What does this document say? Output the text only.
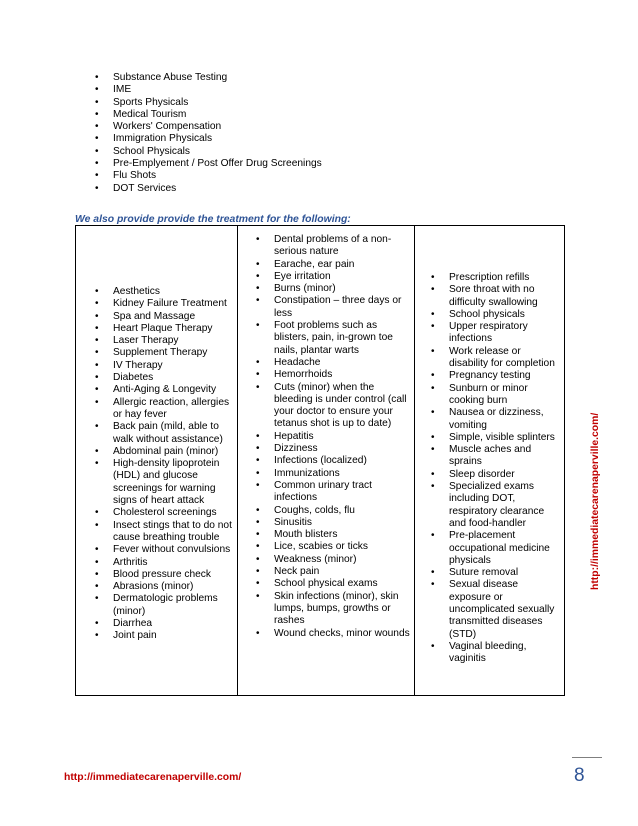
• Substance Abuse Testing
• IME
• Sports Physicals
• Medical Tourism
• Workers' Compensation
• Immigration Physicals
• School Physicals
• Pre-Emplyement / Post Offer Drug Screenings
• Flu Shots
• DOT Services
We also provide provide the treatment for the following:
• Aesthetics
• Kidney Failure Treatment
• Spa and Massage
• Heart Plaque Therapy
• Laser Therapy
• Supplement Therapy
• IV Therapy
• Diabetes
• Anti-Aging & Longevity
• Allergic reaction, allergies or hay fever
• Back pain (mild, able to walk without assistance)
• Abdominal pain (minor)
• High-density lipoprotein (HDL) and glucose screenings for warning signs of heart attack
• Cholesterol screenings
• Insect stings that to do not cause breathing trouble
• Fever without convulsions
• Arthritis
• Blood pressure check
• Abrasions (minor)
• Dermatologic problems (minor)
• Diarrhea
• Joint pain
• Dental problems of a non-serious nature
• Earache, ear pain
• Eye irritation
• Burns (minor)
• Constipation – three days or less
• Foot problems such as blisters, pain, in-grown toe nails, plantar warts
• Headache
• Hemorrhoids
• Cuts (minor) when the bleeding is under control (call your doctor to ensure your tetanus shot is up to date)
• Hepatitis
• Dizziness
• Infections (localized)
• Immunizations
• Common urinary tract infections
• Coughs, colds, flu
• Sinusitis
• Mouth blisters
• Lice, scabies or ticks
• Weakness (minor)
• Neck pain
• School physical exams
• Skin infections (minor), skin lumps, bumps, growths or rashes
• Wound checks, minor wounds
• Prescription refills
• Sore throat with no difficulty swallowing
• School physicals
• Upper respiratory infections
• Work release or disability for completion
• Pregnancy testing
• Sunburn or minor cooking burn
• Nausea or dizziness, vomiting
• Simple, visible splinters
• Muscle aches and sprains
• Sleep disorder
• Specialized exams including DOT, respiratory clearance and food-handler
• Pre-placement occupational medicine physicals
• Suture removal
• Sexual disease exposure or uncomplicated sexually transmitted diseases (STD)
• Vaginal bleeding, vaginitis
http://immediatecarenaperville.com/
http://immediatecarenaperville.com/	8
